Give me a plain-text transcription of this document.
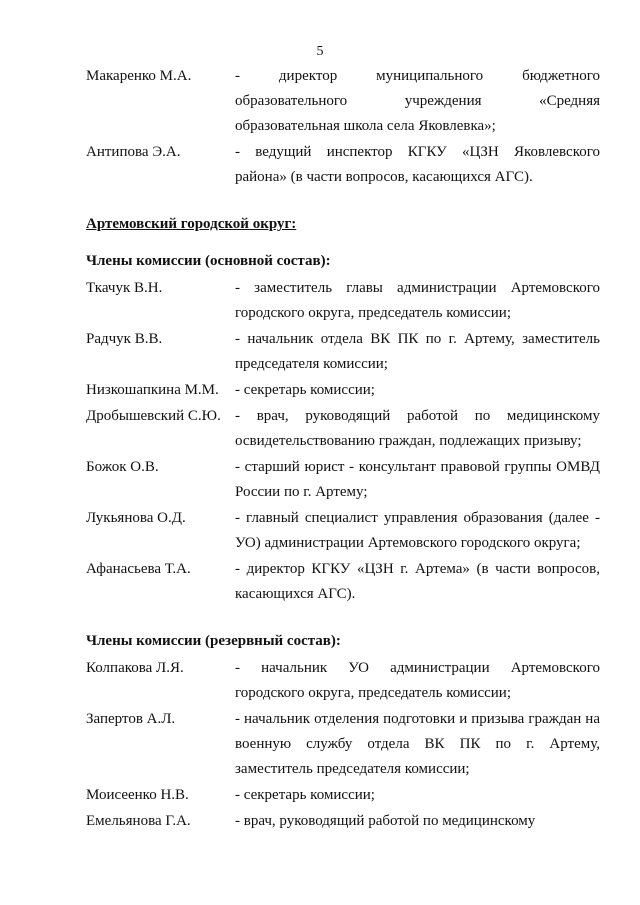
5
Макаренко М.А.	- директор муниципального бюджетного
образовательного учреждения «Средняя
образовательная школа села Яковлевка»;
Антипова Э.А.	- ведущий инспектор КГКУ «ЦЗН Яковлевского
района» (в части вопросов, касающихся АГС).
Артемовский городской округ:
Члены комиссии (основной состав):
Ткачук В.Н.	- заместитель главы администрации Артемовского
городского округа, председатель комиссии;
Радчук В.В.	- начальник отдела ВК ПК по г. Артему, заместитель
председателя комиссии;
Низкошапкина М.М. - секретарь комиссии;
Дробышевский С.Ю. - врач, руководящий работой по медицинскому
освидетельствованию граждан, подлежащих призыву;
Божок О.В.	- старший юрист - консультант правовой группы ОМВД
России по г. Артему;
Лукьянова О.Д.	- главный специалист управления образования (далее -
УО) администрации Артемовского городского округа;
Афанасьева Т.А.	- директор КГКУ «ЦЗН г. Артема» (в части вопросов,
касающихся АГС).
Члены комиссии (резервный состав):
Колпакова Л.Я.	- начальник УО администрации Артемовского
городского округа, председатель комиссии;
Запертов А.Л.	- начальник отделения подготовки и призыва граждан на
военную службу отдела ВК ПК по г. Артему,
заместитель председателя комиссии;
Моисеенко Н.В.	- секретарь комиссии;
Емельянова Г.А.	- врач, руководящий работой по медицинскому
